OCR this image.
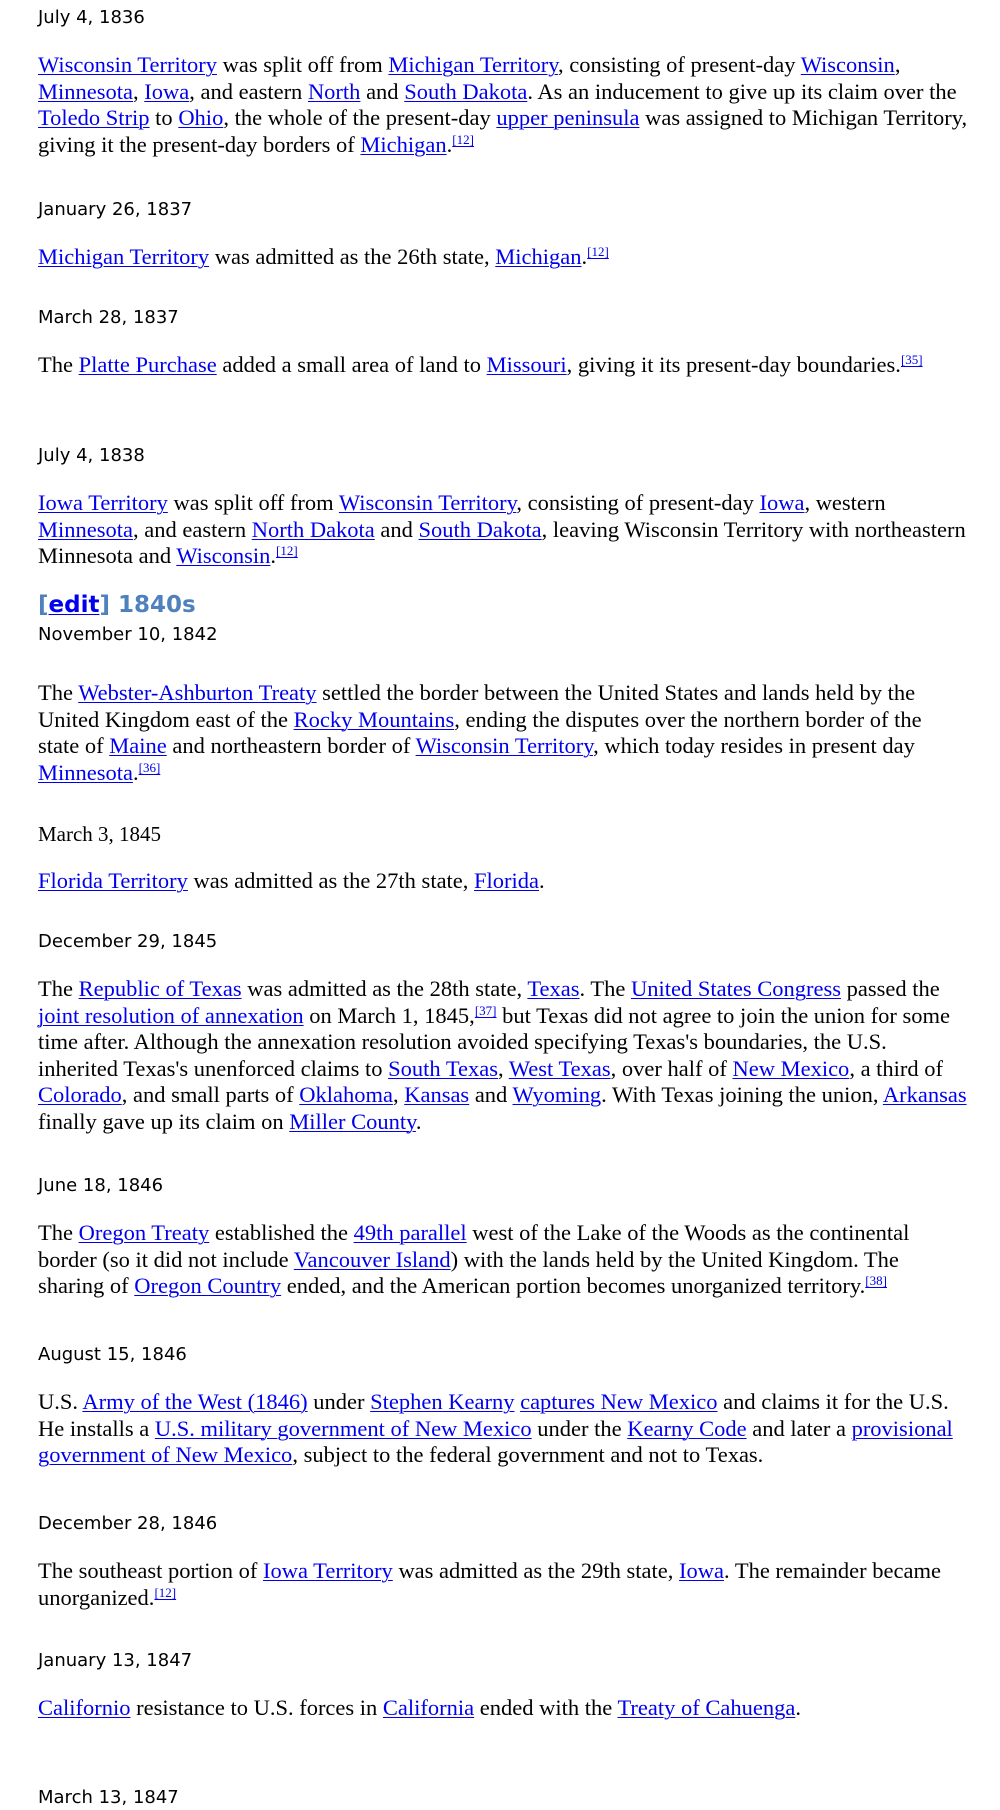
July 4, 1836
Wisconsin Territory was split off from Michigan Territory, consisting of present-day Wisconsin, Minnesota, Iowa, and eastern North and South Dakota. As an inducement to give up its claim over the Toledo Strip to Ohio, the whole of the present-day upper peninsula was assigned to Michigan Territory, giving it the present-day borders of Michigan.[12]
January 26, 1837
Michigan Territory was admitted as the 26th state, Michigan.[12]
March 28, 1837
The Platte Purchase added a small area of land to Missouri, giving it its present-day boundaries.[35]
July 4, 1838
Iowa Territory was split off from Wisconsin Territory, consisting of present-day Iowa, western Minnesota, and eastern North Dakota and South Dakota, leaving Wisconsin Territory with northeastern Minnesota and Wisconsin.[12]
[edit] 1840s
November 10, 1842
The Webster-Ashburton Treaty settled the border between the United States and lands held by the United Kingdom east of the Rocky Mountains, ending the disputes over the northern border of the state of Maine and northeastern border of Wisconsin Territory, which today resides in present day Minnesota.[36]
March 3, 1845
Florida Territory was admitted as the 27th state, Florida.
December 29, 1845
The Republic of Texas was admitted as the 28th state, Texas. The United States Congress passed the joint resolution of annexation on March 1, 1845,[37] but Texas did not agree to join the union for some time after. Although the annexation resolution avoided specifying Texas's boundaries, the U.S. inherited Texas's unenforced claims to South Texas, West Texas, over half of New Mexico, a third of Colorado, and small parts of Oklahoma, Kansas and Wyoming. With Texas joining the union, Arkansas finally gave up its claim on Miller County.
June 18, 1846
The Oregon Treaty established the 49th parallel west of the Lake of the Woods as the continental border (so it did not include Vancouver Island) with the lands held by the United Kingdom. The sharing of Oregon Country ended, and the American portion becomes unorganized territory.[38]
August 15, 1846
U.S. Army of the West (1846) under Stephen Kearny captures New Mexico and claims it for the U.S. He installs a U.S. military government of New Mexico under the Kearny Code and later a provisional government of New Mexico, subject to the federal government and not to Texas.
December 28, 1846
The southeast portion of Iowa Territory was admitted as the 29th state, Iowa. The remainder became unorganized.[12]
January 13, 1847
Californio resistance to U.S. forces in California ended with the Treaty of Cahuenga.
March 13, 1847
